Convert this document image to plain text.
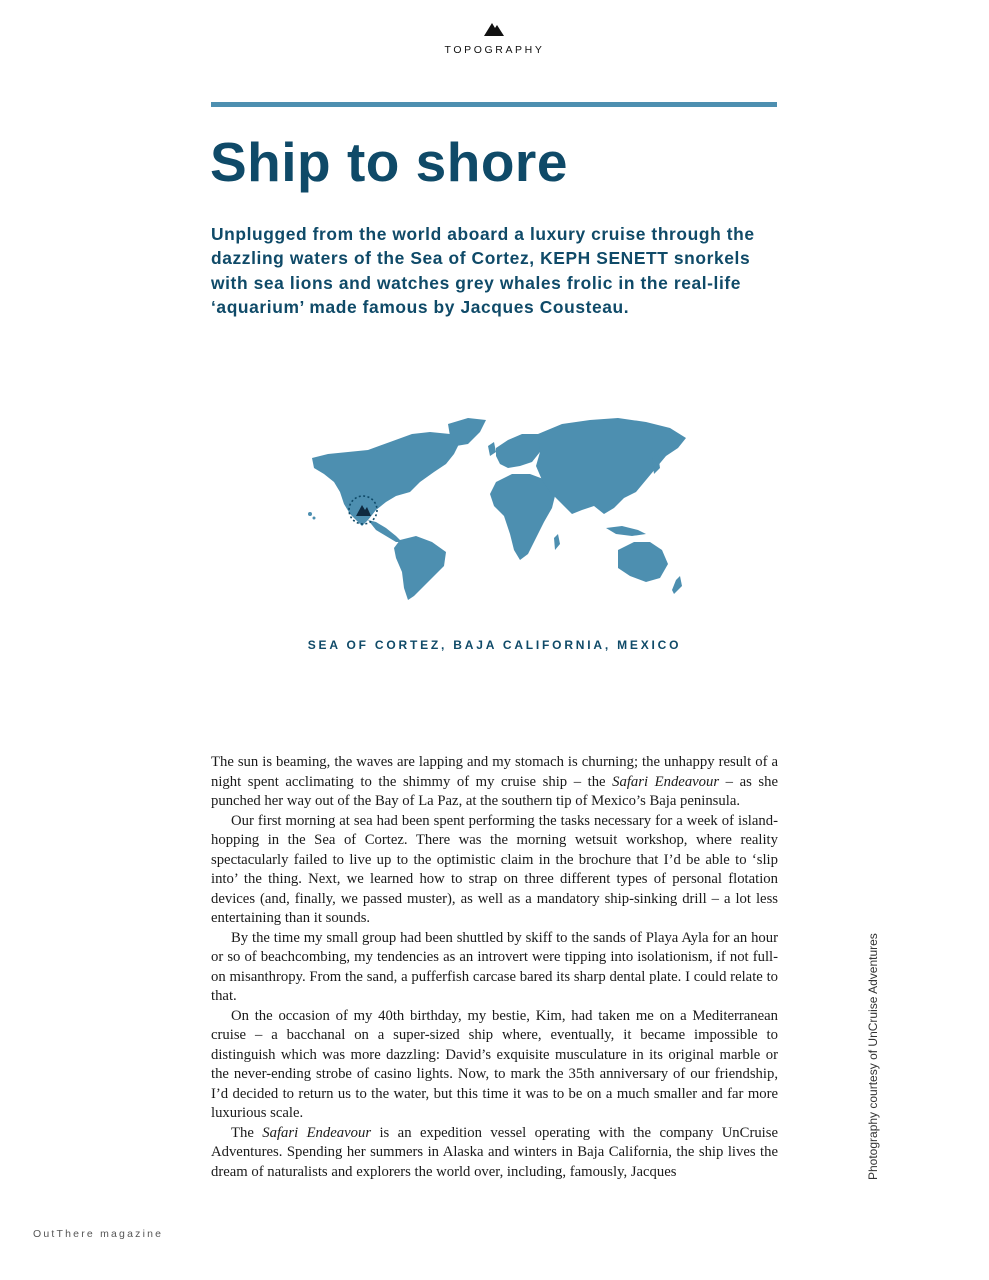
TOPOGRAPHY
Ship to shore

Unplugged from the world aboard a luxury cruise through the dazzling waters of the Sea of Cortez, KEPH SENETT snorkels with sea lions and watches grey whales frolic in the real-life ‘aquarium’ made famous by Jacques Cousteau.

SEA OF CORTEZ, BAJA CALIFORNIA, MEXICO

The sun is beaming, the waves are lapping and my stomach is churning; the unhappy result of a night spent acclimating to the shimmy of my cruise ship – the Safari Endeavour – as she punched her way out of the Bay of La Paz, at the southern tip of Mexico’s Baja peninsula.

Our first morning at sea had been spent performing the tasks necessary for a week of island-hopping in the Sea of Cortez. There was the morning wetsuit workshop, where reality spectacularly failed to live up to the optimistic claim in the brochure that I’d be able to ‘slip into’ the thing. Next, we learned how to strap on three different types of personal flotation devices (and, finally, we passed muster), as well as a mandatory ship-sinking drill – a lot less entertaining than it sounds.

By the time my small group had been shuttled by skiff to the sands of Playa Ayla for an hour or so of beachcombing, my tendencies as an introvert were tipping into isolationism, if not full-on misanthropy. From the sand, a pufferfish carcase bared its sharp dental plate. I could relate to that.

On the occasion of my 40th birthday, my bestie, Kim, had taken me on a Mediterranean cruise – a bacchanal on a super-sized ship where, eventually, it became impossible to distinguish which was more dazzling: David’s exquisite musculature in its original marble or the never-ending strobe of casino lights. Now, to mark the 35th anniversary of our friendship, I’d decided to return us to the water, but this time it was to be on a much smaller and far more luxurious scale.

The Safari Endeavour is an expedition vessel operating with the company UnCruise Adventures. Spending her summers in Alaska and winters in Baja California, the ship lives the dream of naturalists and explorers the world over, including, famously, Jacques	Photography courtesy of UnCruise Adventures
OutThere magazine
